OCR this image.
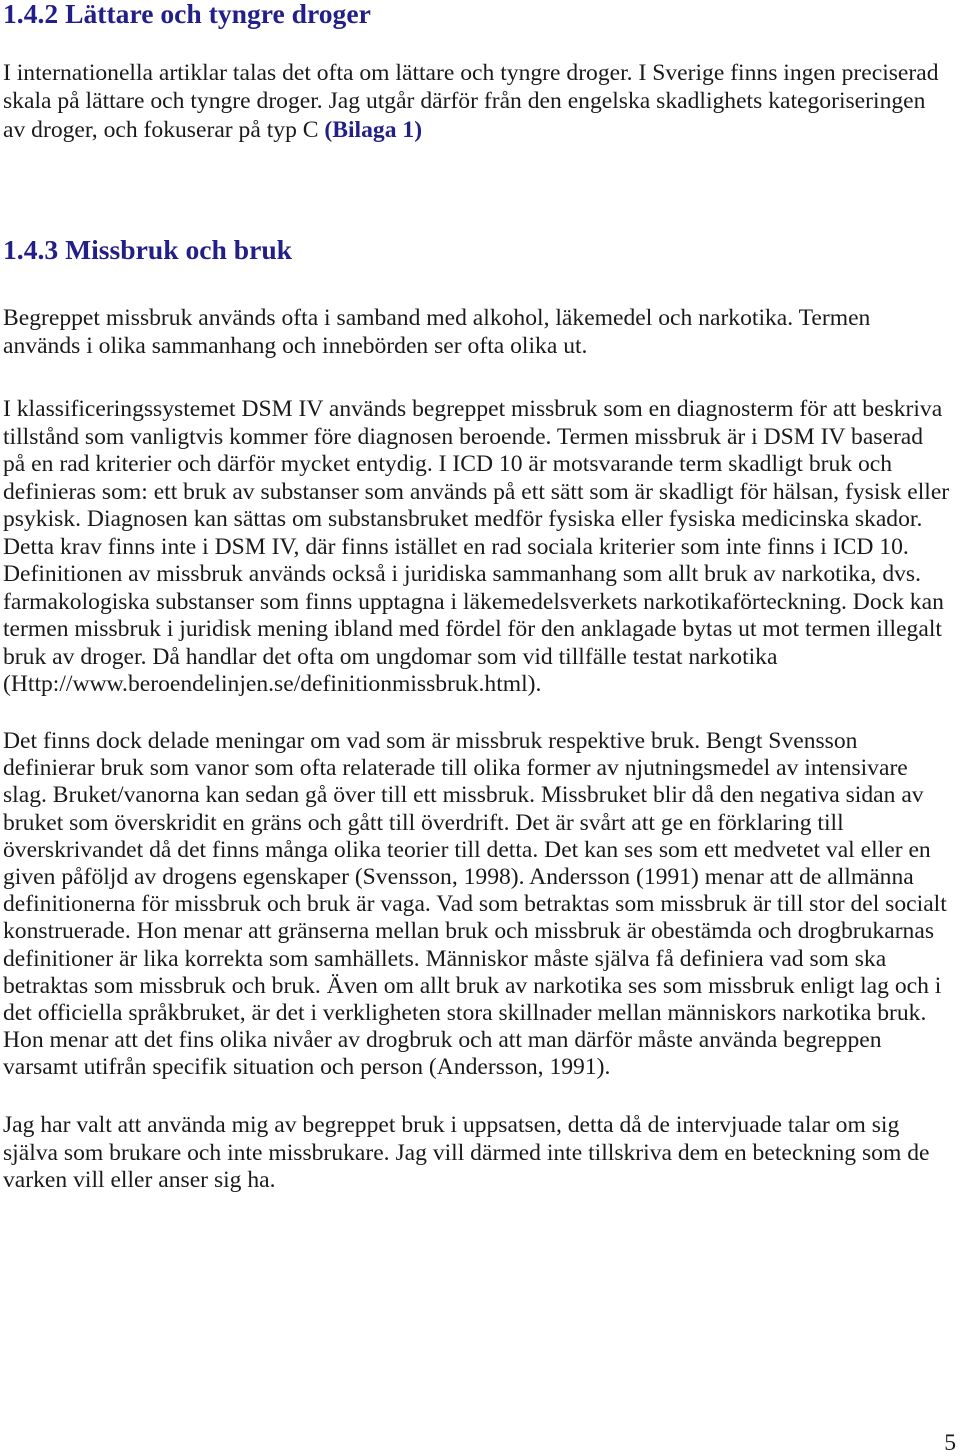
1.4.2 Lättare och tyngre droger
I internationella artiklar talas det ofta om lättare och tyngre droger. I Sverige finns ingen preciserad
skala på lättare och tyngre droger. Jag utgår därför från den engelska skadlighets kategoriseringen
av droger, och fokuserar på typ C (Bilaga 1)
1.4.3 Missbruk och bruk
Begreppet missbruk används ofta i samband med alkohol, läkemedel och narkotika. Termen
används i olika sammanhang och innebörden ser ofta olika ut.
I klassificeringssystemet DSM IV används begreppet missbruk som en diagnosterm för att beskriva
tillstånd som vanligtvis kommer före diagnosen beroende. Termen missbruk är i DSM IV baserad
på en rad kriterier och därför mycket entydig. I ICD 10 är motsvarande term skadligt bruk och
definieras som: ett bruk av substanser som används på ett sätt som är skadligt för hälsan, fysisk eller
psykisk. Diagnosen kan sättas om substansbruket medför fysiska eller fysiska medicinska skador.
Detta krav finns inte i DSM IV, där finns istället en rad sociala kriterier som inte finns i ICD 10.
Definitionen av missbruk används också i juridiska sammanhang som allt bruk av narkotika, dvs.
farmakologiska substanser som finns upptagna i läkemedelsverkets narkotikaförteckning. Dock kan
termen missbruk i juridisk mening ibland med fördel för den anklagade bytas ut mot termen illegalt
bruk av droger. Då handlar det ofta om ungdomar som vid tillfälle testat narkotika
(Http://www.beroendelinjen.se/definitionmissbruk.html).
Det finns dock delade meningar om vad som är missbruk respektive bruk. Bengt Svensson
definierar bruk som vanor som ofta relaterade till olika former av njutningsmedel av intensivare
slag. Bruket/vanorna kan sedan gå över till ett missbruk. Missbruket blir då den negativa sidan av
bruket som överskridit en gräns och gått till överdrift. Det är svårt att ge en förklaring till
överskrivandet då det finns många olika teorier till detta. Det kan ses som ett medvetet val eller en
given påföljd av drogens egenskaper (Svensson, 1998). Andersson (1991) menar att de allmänna
definitionerna för missbruk och bruk är vaga. Vad som betraktas som missbruk är till stor del socialt
konstruerade. Hon menar att gränserna mellan bruk och missbruk är obestämda och drogbrukarnas
definitioner är lika korrekta som samhällets. Människor måste själva få definiera vad som ska
betraktas som missbruk och bruk. Även om allt bruk av narkotika ses som missbruk enligt lag och i
det officiella språkbruket, är det i verkligheten stora skillnader mellan människors narkotika bruk.
Hon menar att det fins olika nivåer av drogbruk och att man därför måste använda begreppen
varsamt utifrån specifik situation och person (Andersson, 1991).
Jag har valt att använda mig av begreppet bruk i uppsatsen, detta då de intervjuade talar om sig
själva som brukare och inte missbrukare. Jag vill därmed inte tillskriva dem en beteckning som de
varken vill eller anser sig ha.
5
